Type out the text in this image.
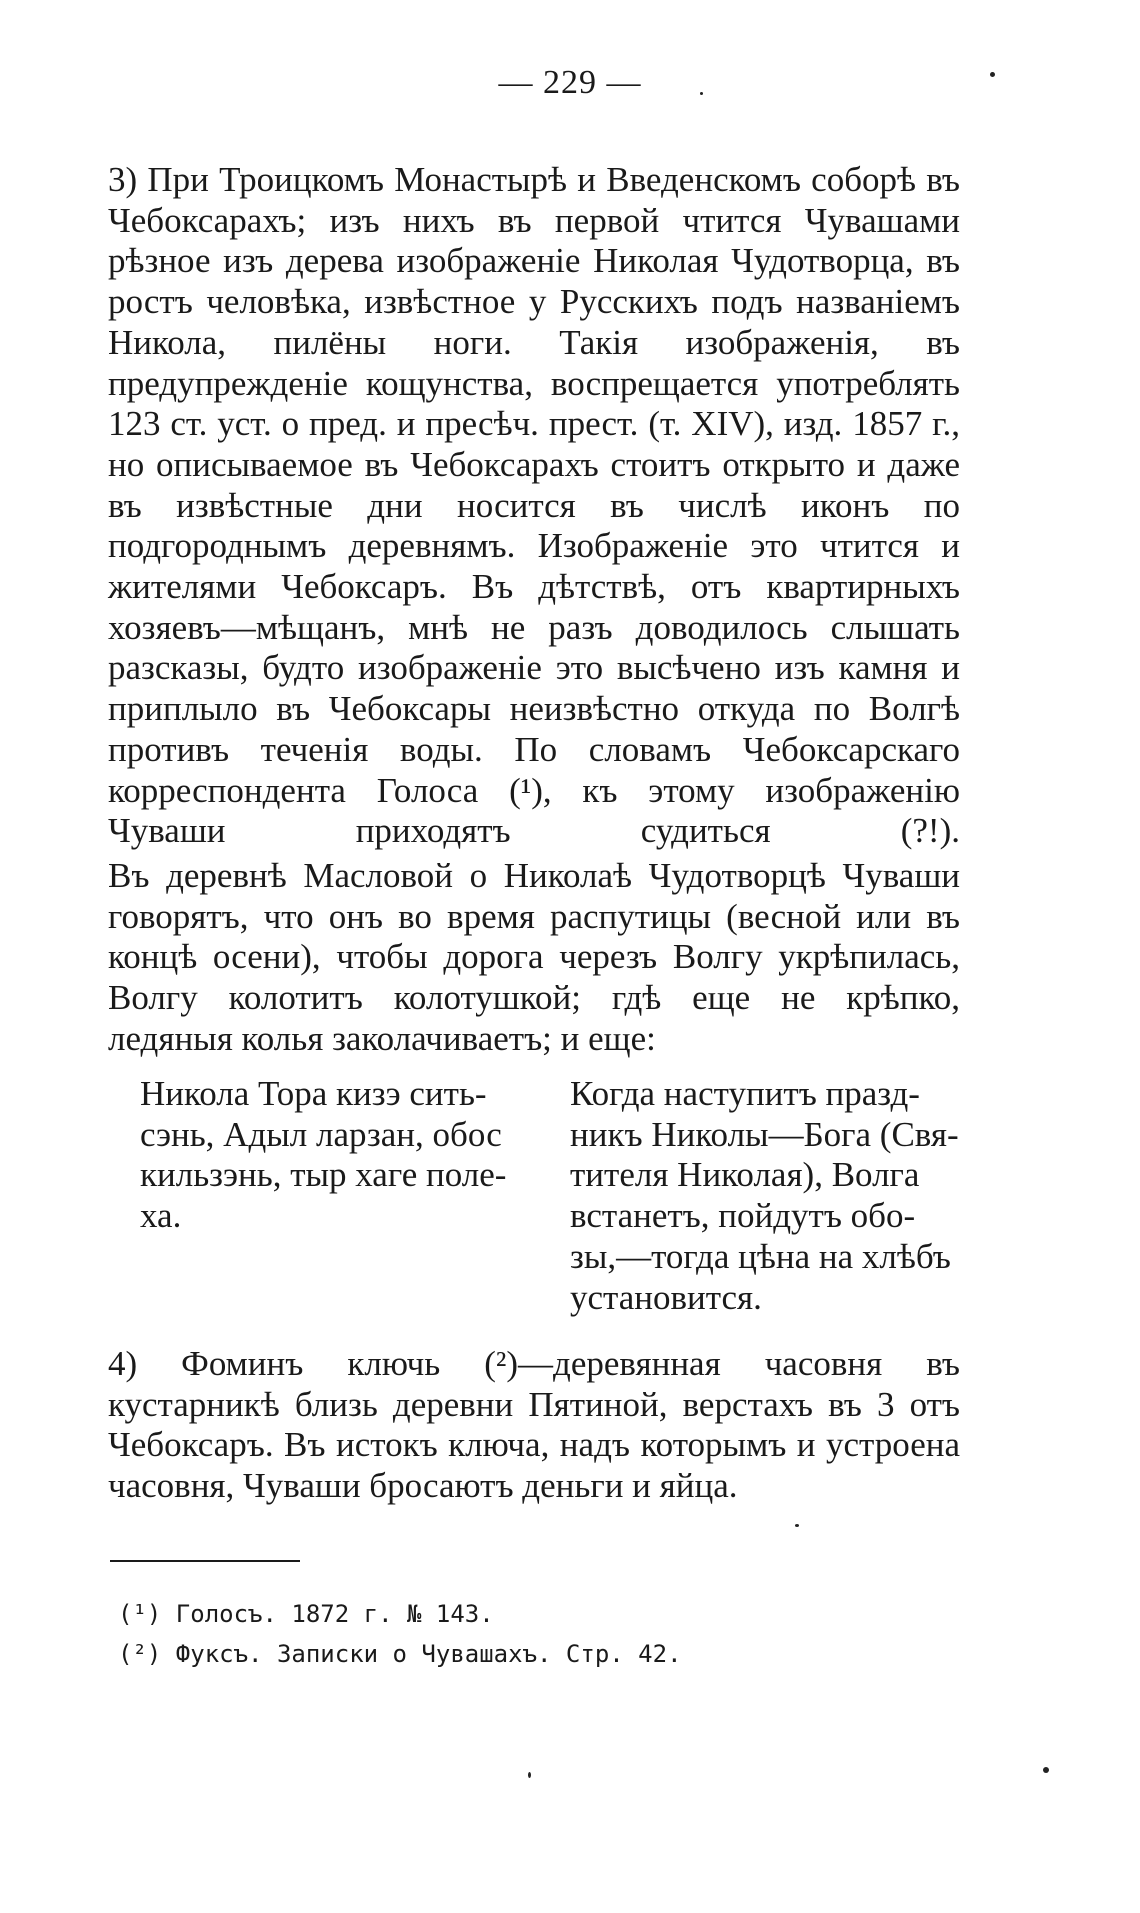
— 229 —
3) При Троицкомъ Монастырѣ и Введенскомъ соборѣ въ Чебоксарахъ; изъ нихъ въ первой чтится Чувашами рѣзное изъ дерева изображеніе Николая Чудотворца, въ ростъ человѣка, извѣстное у Русскихъ подъ названіемъ Никола, пилёны ноги. Такія изображенія, въ предупрежденіе кощунства, воспрещается употреблять 123 ст. уст. о пред. и пресѣч. прест. (т. XIV), изд. 1857 г., но описываемое въ Чебоксарахъ стоитъ открыто и даже въ извѣстные дни носится въ числѣ иконъ по подгороднымъ деревнямъ. Изображеніе это чтится и жителями Чебоксаръ. Въ дѣтствѣ, отъ квартирныхъ хозяевъ—мѣщанъ, мнѣ не разъ доводилось слышать разсказы, будто изображеніе это высѣчено изъ камня и приплыло въ Чебоксары неизвѣстно откуда по Волгѣ противъ теченія воды. По словамъ Чебоксарскаго корреспондента Голоса (¹), къ этому изображенію Чуваши приходятъ судиться (?!).
Въ деревнѣ Масловой о Николаѣ Чудотворцѣ Чуваши говорятъ, что онъ во время распутицы (весной или въ концѣ осени), чтобы дорога черезъ Волгу укрѣпилась, Волгу колотитъ колотушкой; гдѣ еще не крѣпко, ледяныя колья заколачиваетъ; и еще:
Никола Тора кизэ сить-
сэнь, Адыл ларзан, обос
кильзэнь, тыр хаге поле-
ха.
Когда наступитъ празд-
никъ Николы—Бога (Свя-
тителя Николая), Волга
встанетъ, пойдутъ обо-
зы,—тогда цѣна на хлѣбъ
установится.
4) Фоминъ ключь (²)—деревянная часовня въ кустарникѣ близь деревни Пятиной, верстахъ въ 3 отъ Чебоксаръ. Въ истокъ ключа, надъ которымъ и устроена часовня, Чуваши бросаютъ деньги и яйца.
(¹) Голосъ. 1872 г. № 143.
(²) Фуксъ. Записки о Чувашахъ. Стр. 42.
